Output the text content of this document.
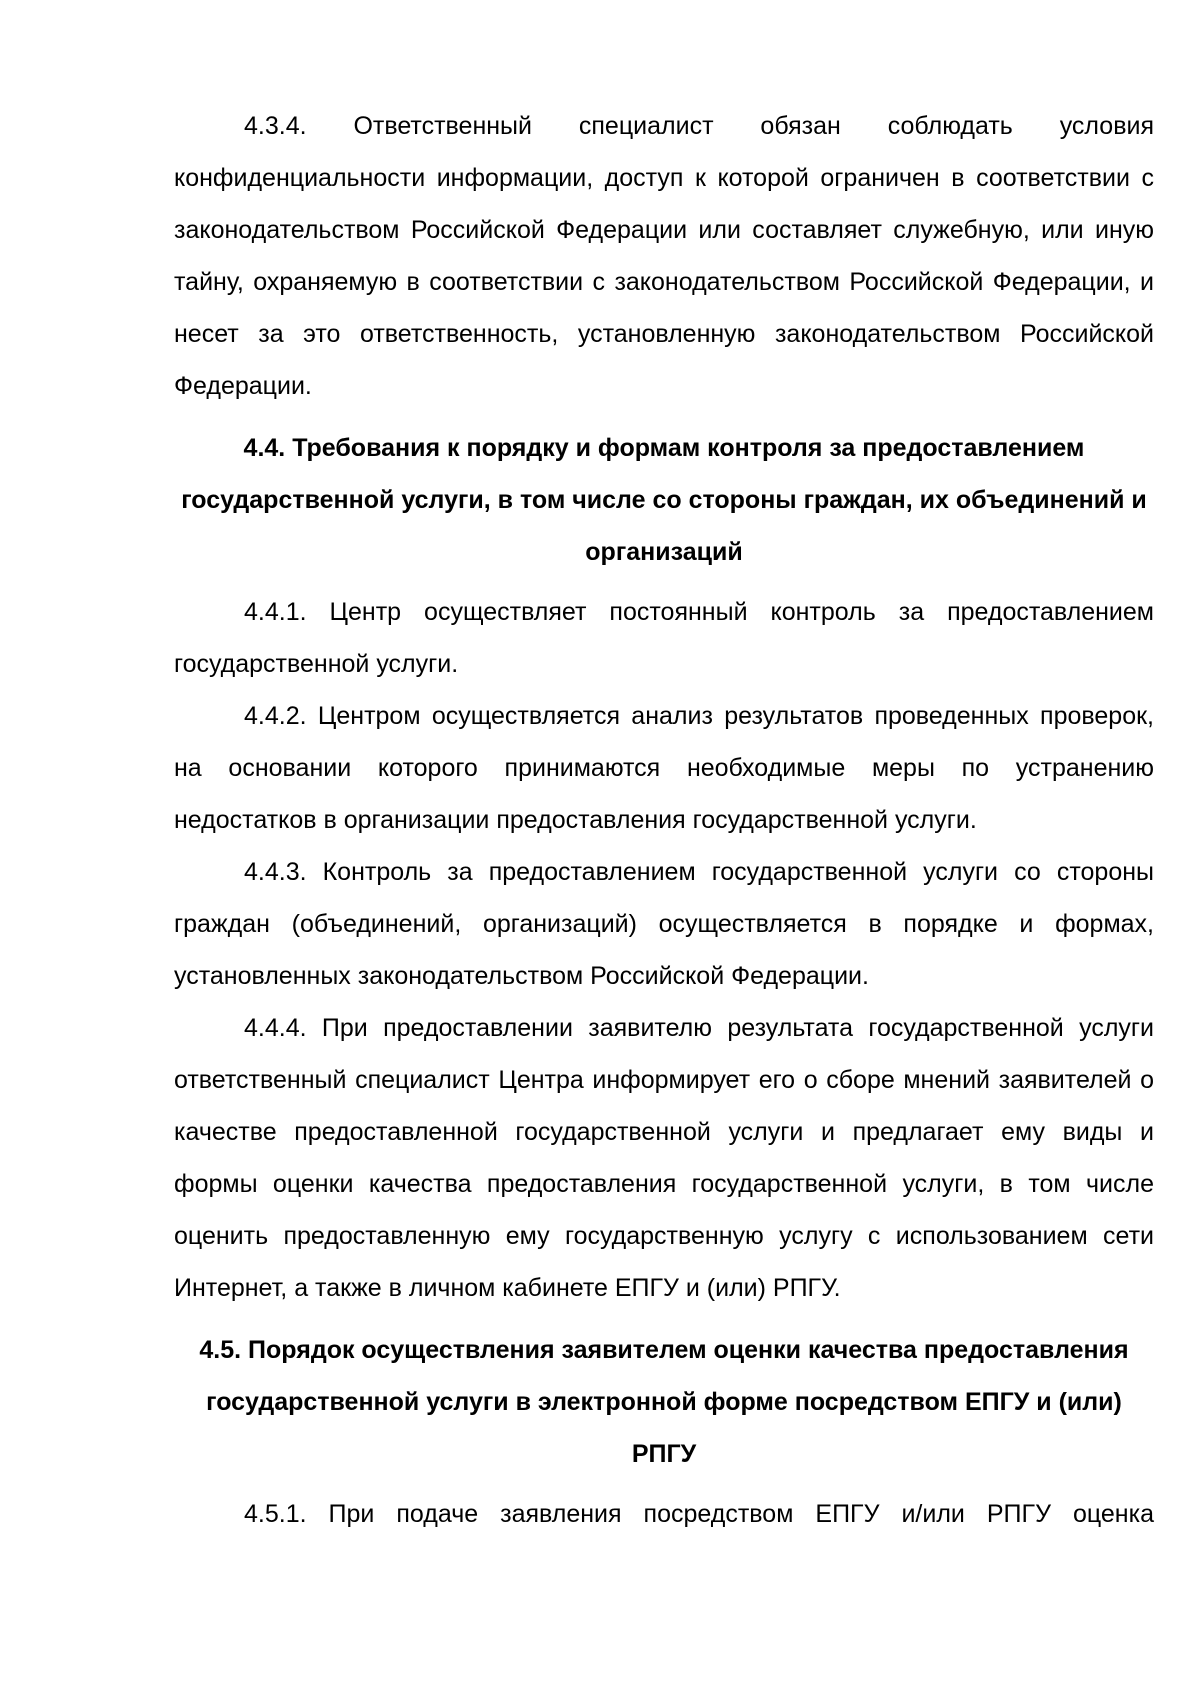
4.3.4. Ответственный специалист обязан соблюдать условия конфиденциальности информации, доступ к которой ограничен в соответствии с законодательством Российской Федерации или составляет служебную, или иную тайну, охраняемую в соответствии с законодательством Российской Федерации, и несет за это ответственность, установленную законодательством Российской Федерации.

4.4. Требования к порядку и формам контроля за предоставлением государственной услуги, в том числе со стороны граждан, их объединений и организаций

4.4.1. Центр осуществляет постоянный контроль за предоставлением государственной услуги.

4.4.2. Центром осуществляется анализ результатов проведенных проверок, на основании которого принимаются необходимые меры по устранению недостатков в организации предоставления государственной услуги.

4.4.3. Контроль за предоставлением государственной услуги со стороны граждан (объединений, организаций) осуществляется в порядке и формах, установленных законодательством Российской Федерации.

4.4.4. При предоставлении заявителю результата государственной услуги ответственный специалист Центра информирует его о сборе мнений заявителей о качестве предоставленной государственной услуги и предлагает ему виды и формы оценки качества предоставления государственной услуги, в том числе оценить предоставленную ему государственную услугу с использованием сети Интернет, а также в личном кабинете ЕПГУ и (или) РПГУ.

4.5. Порядок осуществления заявителем оценки качества предоставления государственной услуги в электронной форме посредством ЕПГУ и (или) РПГУ

4.5.1. При подаче заявления посредством ЕПГУ и/или РПГУ оценка
